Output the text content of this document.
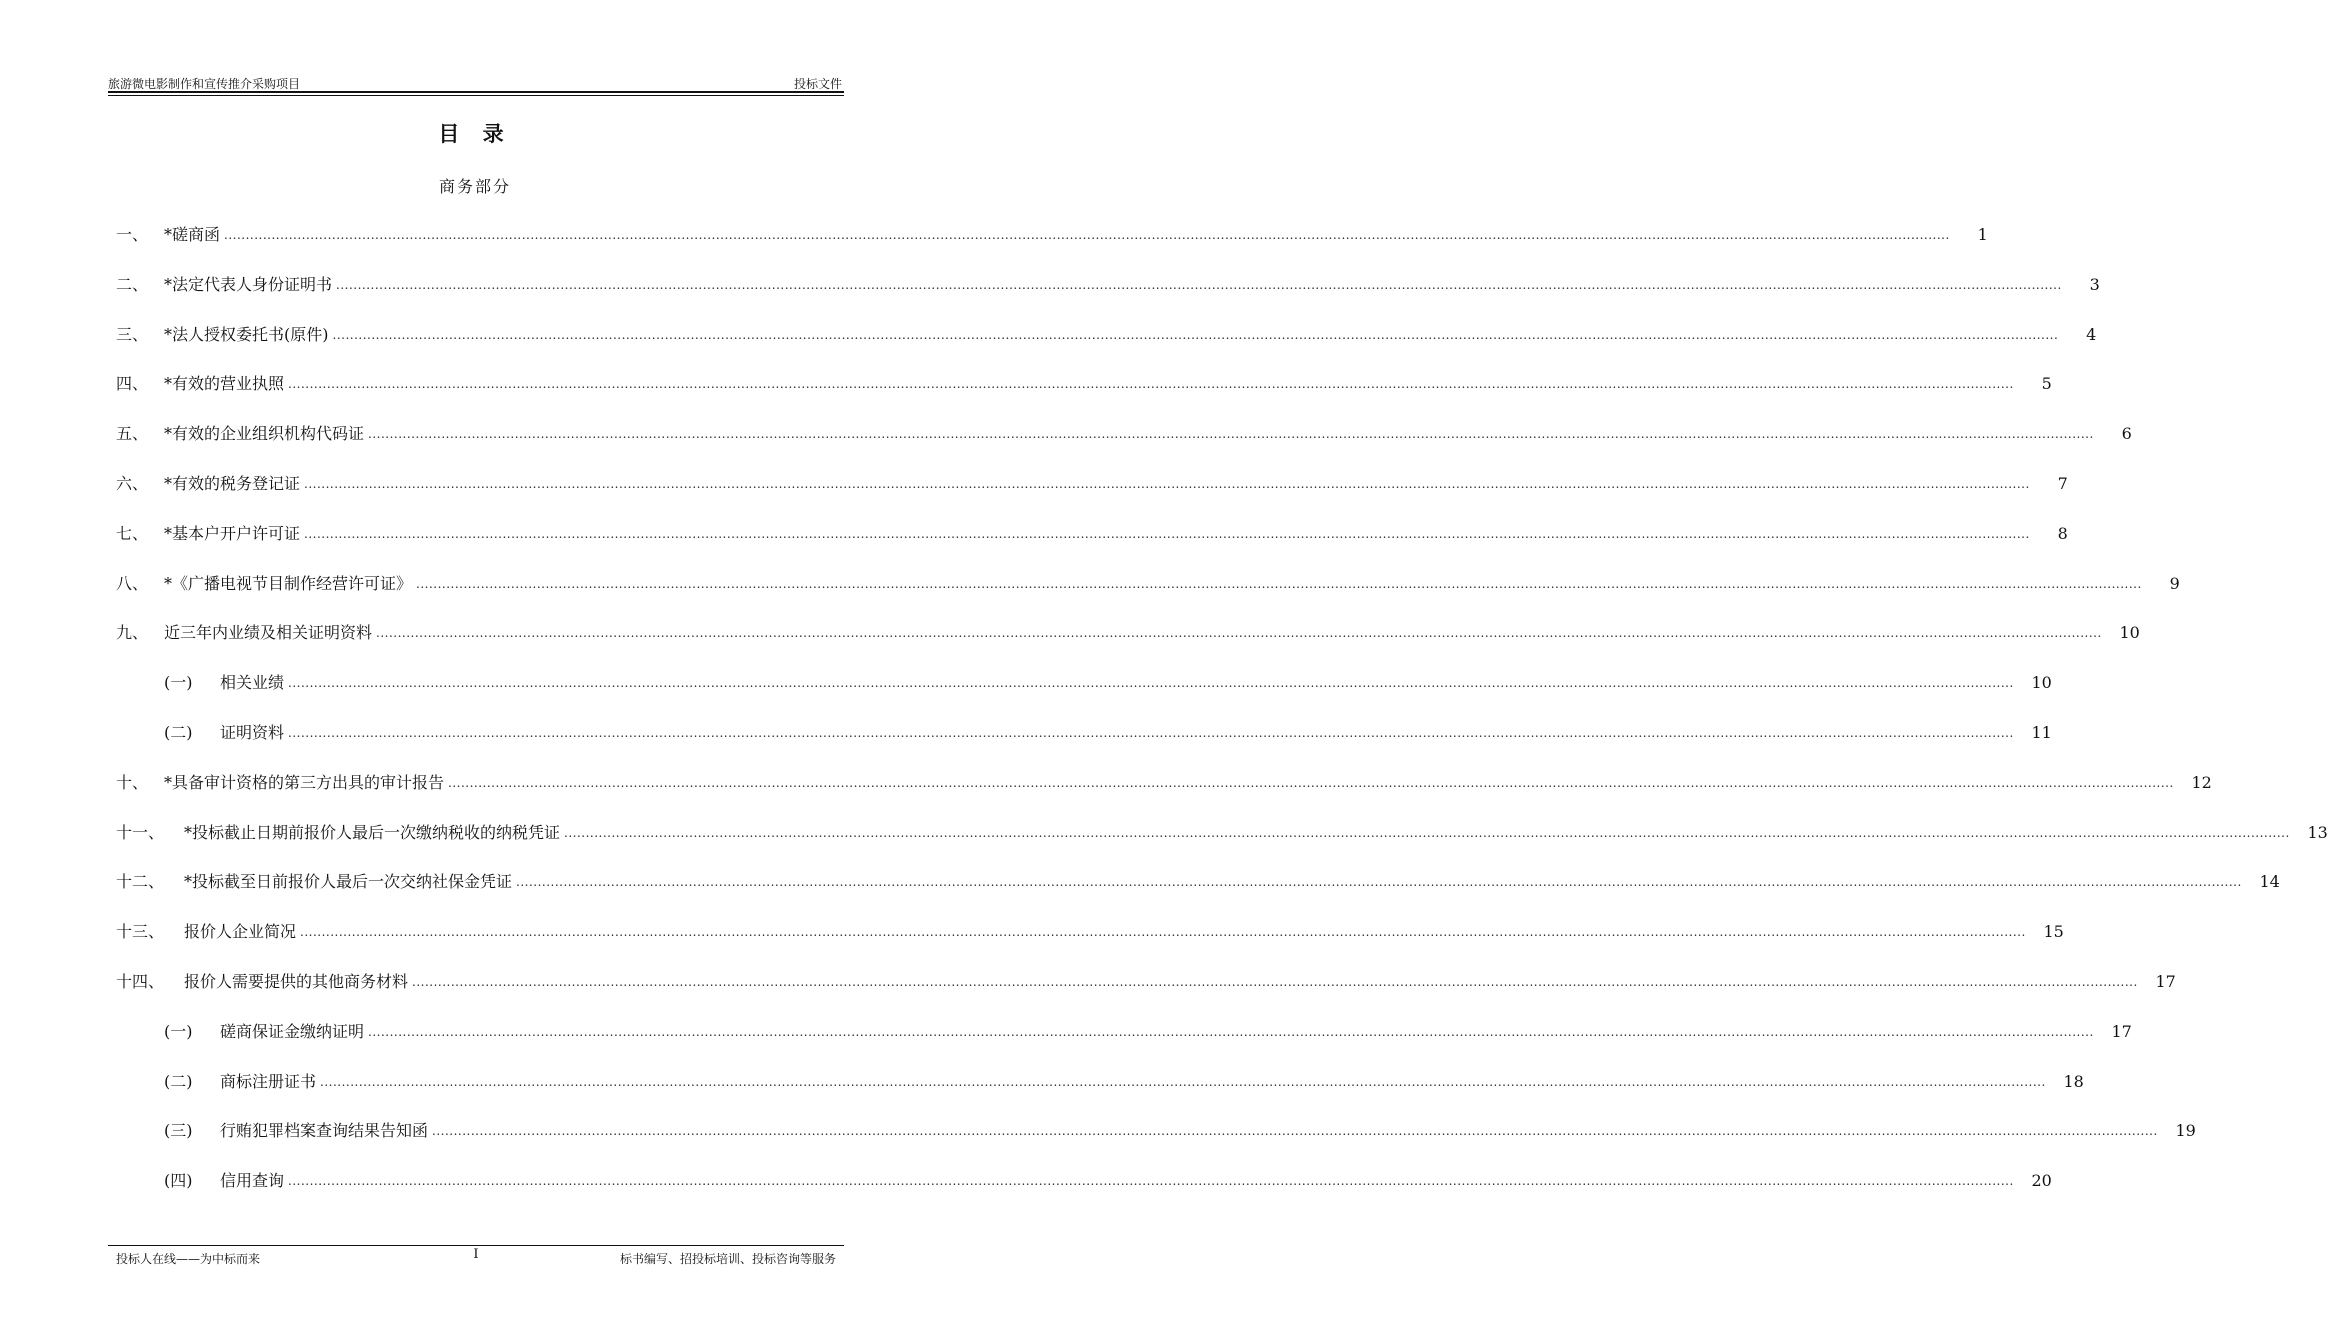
旅游微电影制作和宣传推介采购项目	投标文件
目 录
商务部分
一、 *磋商函 ................................................................................................................................................................................................................................................................................................................................................................................................................	1
二、 *法定代表人身份证明书 ................................................................................................................................................................................................................................................................................................................................................................................................................	3
三、 *法人授权委托书(原件) ................................................................................................................................................................................................................................................................................................................................................................................................................	4
四、 *有效的营业执照 ................................................................................................................................................................................................................................................................................................................................................................................................................	5
五、 *有效的企业组织机构代码证 ................................................................................................................................................................................................................................................................................................................................................................................................................	6
六、 *有效的税务登记证 ................................................................................................................................................................................................................................................................................................................................................................................................................	7
七、 *基本户开户许可证 ................................................................................................................................................................................................................................................................................................................................................................................................................	8
八、 *《广播电视节目制作经营许可证》 ................................................................................................................................................................................................................................................................................................................................................................................................................	9
九、 近三年内业绩及相关证明资料 ................................................................................................................................................................................................................................................................................................................................................................................................................	10
(一)	相关业绩 ................................................................................................................................................................................................................................................................................................................................................................................................................	10
(二)	证明资料 ................................................................................................................................................................................................................................................................................................................................................................................................................	11
十、 *具备审计资格的第三方出具的审计报告 ................................................................................................................................................................................................................................................................................................................................................................................................................	12
十一、	*投标截止日期前报价人最后一次缴纳税收的纳税凭证 ................................................................................................................................................................................................................................................................................................................................................................................................................	13
十二、	*投标截至日前报价人最后一次交纳社保金凭证 ................................................................................................................................................................................................................................................................................................................................................................................................................	14
十三、	报价人企业简况 ................................................................................................................................................................................................................................................................................................................................................................................................................	15
十四、	报价人需要提供的其他商务材料 ................................................................................................................................................................................................................................................................................................................................................................................................................	17
(一)	磋商保证金缴纳证明 ................................................................................................................................................................................................................................................................................................................................................................................................................	17
(二)	商标注册证书 ................................................................................................................................................................................................................................................................................................................................................................................................................	18
(三)	行贿犯罪档案查询结果告知函 ................................................................................................................................................................................................................................................................................................................................................................................................................	19
(四)	信用查询 ................................................................................................................................................................................................................................................................................................................................................................................................................	20
投标人在线——为中标而来	I	标书编写、招投标培训、投标咨询等服务
